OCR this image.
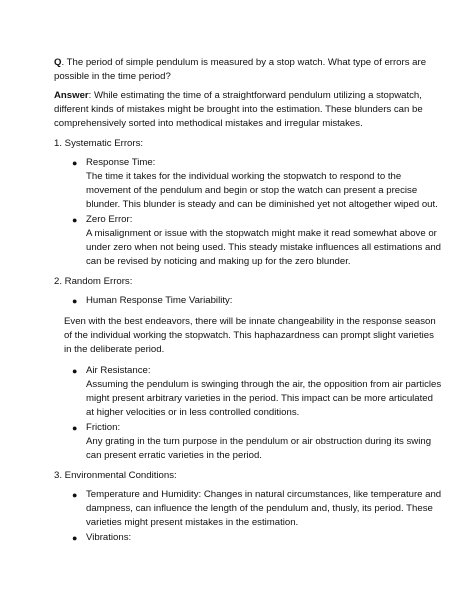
Q. The period of simple pendulum is measured by a stop watch. What type of errors are
possible in the time period?
Answer: While estimating the time of a straightforward pendulum utilizing a stopwatch,
different kinds of mistakes might be brought into the estimation. These blunders can be
comprehensively sorted into methodical mistakes and irregular mistakes.
1. Systematic Errors:
● Response Time:
The time it takes for the individual working the stopwatch to respond to the
movement of the pendulum and begin or stop the watch can present a precise
blunder. This blunder is steady and can be diminished yet not altogether wiped out.
● Zero Error:
A misalignment or issue with the stopwatch might make it read somewhat above or
under zero when not being used. This steady mistake influences all estimations and
can be revised by noticing and making up for the zero blunder.
2. Random Errors:
● Human Response Time Variability:
Even with the best endeavors, there will be innate changeability in the response season
of the individual working the stopwatch. This haphazardness can prompt slight varieties
in the deliberate period.
● Air Resistance:
Assuming the pendulum is swinging through the air, the opposition from air particles
might present arbitrary varieties in the period. This impact can be more articulated
at higher velocities or in less controlled conditions.
● Friction:
Any grating in the turn purpose in the pendulum or air obstruction during its swing
can present erratic varieties in the period.
3. Environmental Conditions:
● Temperature and Humidity: Changes in natural circumstances, like temperature and
dampness, can influence the length of the pendulum and, thusly, its period. These
varieties might present mistakes in the estimation.
● Vibrations:
